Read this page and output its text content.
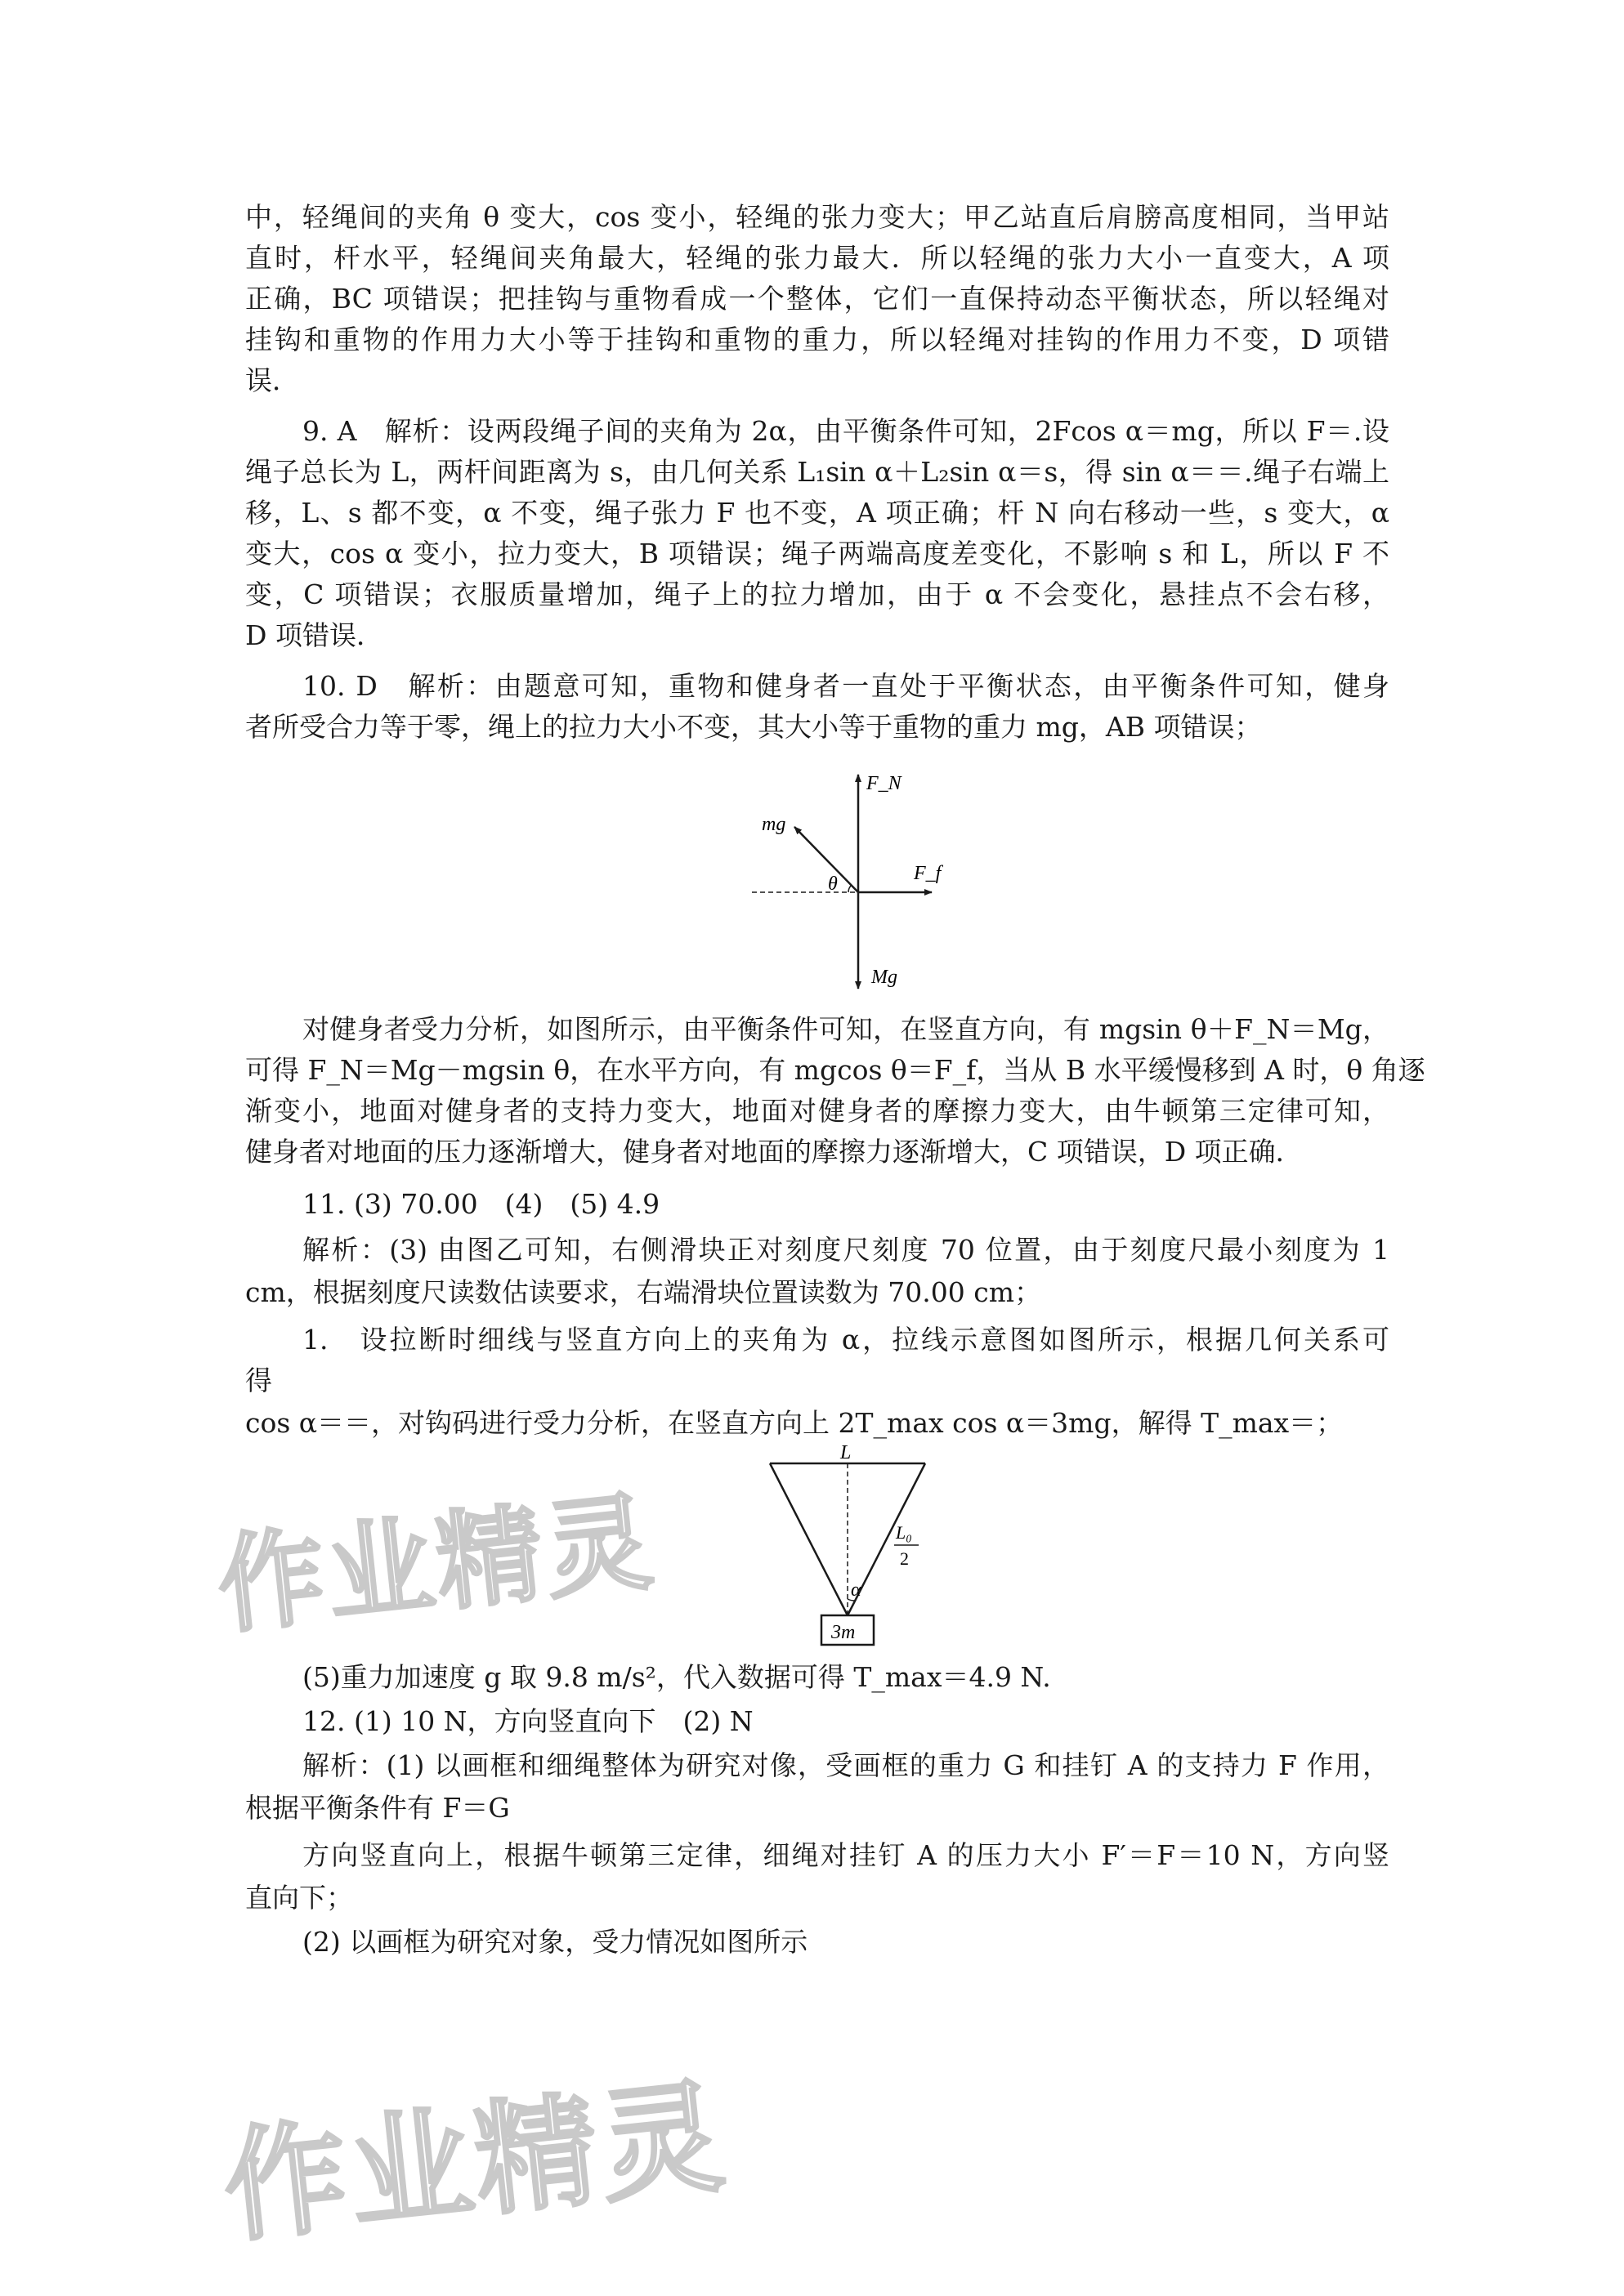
中，轻绳间的夹角 θ 变大，cos 变小，轻绳的张力变大；甲乙站直后肩膀高度相同，当甲站
直时，杆水平，轻绳间夹角最大，轻绳的张力最大．所以轻绳的张力大小一直变大，A 项
正确，BC 项错误；把挂钩与重物看成一个整体，它们一直保持动态平衡状态，所以轻绳对
挂钩和重物的作用力大小等于挂钩和重物的重力，所以轻绳对挂钩的作用力不变，D 项错
误．
9. A　解析：设两段绳子间的夹角为 2α，由平衡条件可知，2Fcos α＝mg，所以 F＝.设
绳子总长为 L，两杆间距离为 s，由几何关系 L₁sin α＋L₂sin α＝s，得 sin α＝＝.绳子右端上
移，L、s 都不变，α 不变，绳子张力 F 也不变，A 项正确；杆 N 向右移动一些，s 变大，α
变大，cos α 变小，拉力变大，B 项错误；绳子两端高度差变化，不影响 s 和 L，所以 F 不
变，C 项错误；衣服质量增加，绳子上的拉力增加，由于 α 不会变化，悬挂点不会右移，
D 项错误．
10. D　解析：由题意可知，重物和健身者一直处于平衡状态，由平衡条件可知，健身
者所受合力等于零，绳上的拉力大小不变，其大小等于重物的重力 mg，AB 项错误；
F_N
mg
θ	F_f
Mg
对健身者受力分析，如图所示，由平衡条件可知，在竖直方向，有 mgsin θ＋F_N＝Mg，
可得 F_N＝Mg－mgsin θ，在水平方向，有 mgcos θ＝F_f，当从 B 水平缓慢移到 A 时，θ 角逐
渐变小，地面对健身者的支持力变大，地面对健身者的摩擦力变大，由牛顿第三定律可知，
健身者对地面的压力逐渐增大，健身者对地面的摩擦力逐渐增大，C 项错误，D 项正确．
11. (3) 70.00　(4)　(5) 4.9
解析：(3) 由图乙可知，右侧滑块正对刻度尺刻度 70 位置，由于刻度尺最小刻度为 1
cm，根据刻度尺读数估读要求，右端滑块位置读数为 70.00 cm；
1.　设拉断时细线与竖直方向上的夹角为 α，拉线示意图如图所示，根据几何关系可
得
cos α＝＝，对钩码进行受力分析，在竖直方向上 2T_max cos α＝3mg，解得 T_max＝；
L
L₀
2
α
3m
(5)重力加速度 g 取 9.8 m/s²，代入数据可得 T_max＝4.9 N.
12. (1) 10 N，方向竖直向下　(2) N
解析：(1) 以画框和细绳整体为研究对像，受画框的重力 G 和挂钉 A 的支持力 F 作用，
根据平衡条件有 F＝G
方向竖直向上，根据牛顿第三定律，细绳对挂钉 A 的压力大小 F′＝F＝10 N，方向竖
直向下；
(2) 以画框为研究对象，受力情况如图所示
作业精灵
作业精灵
